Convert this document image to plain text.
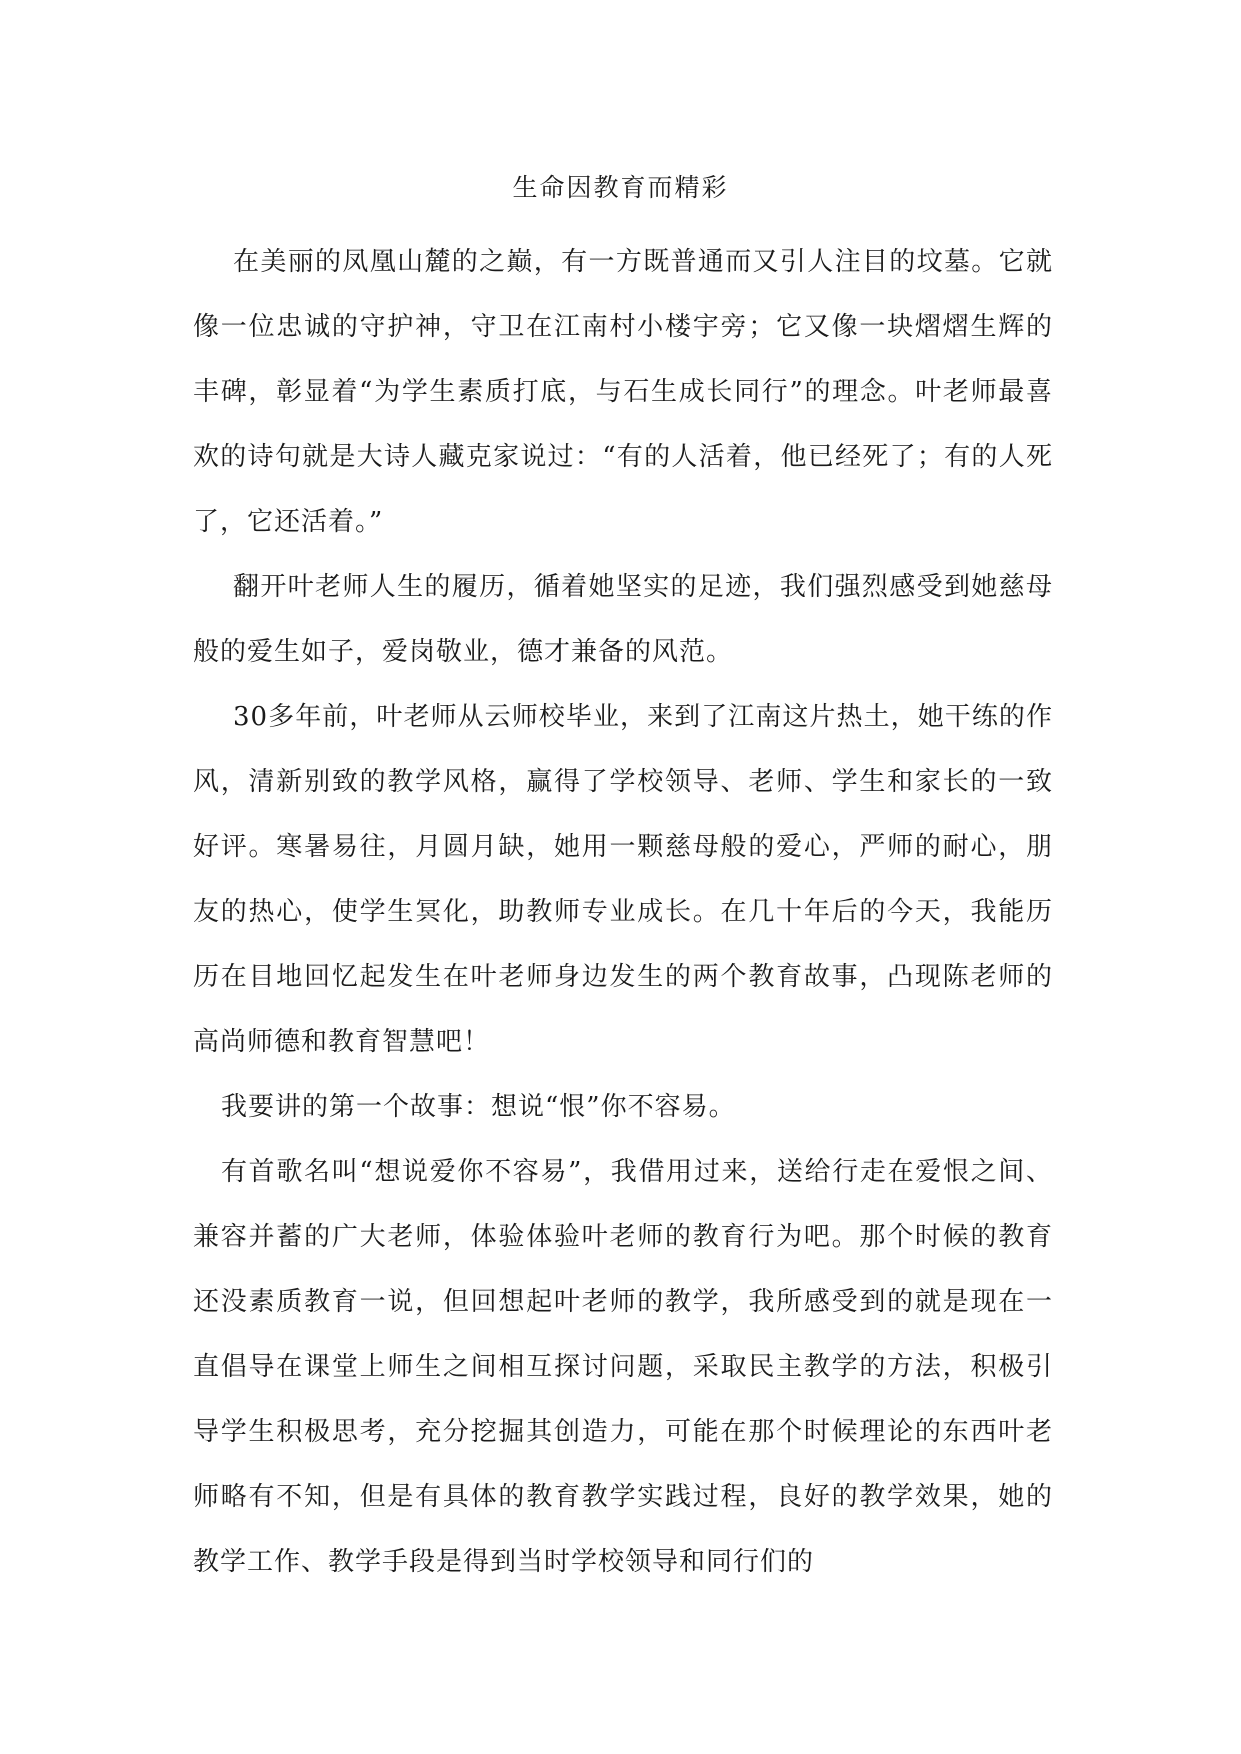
生命因教育而精彩

在美丽的凤凰山麓的之巅，有一方既普通而又引人注目的坟墓。它就像一位忠诚的守护神，守卫在江南村小楼宇旁；它又像一块熠熠生辉的丰碑，彰显着“为学生素质打底，与石生成长同行”的理念。叶老师最喜欢的诗句就是大诗人藏克家说过：“有的人活着，他已经死了；有的人死了，它还活着。”

翻开叶老师人生的履历，循着她坚实的足迹，我们强烈感受到她慈母般的爱生如子，爱岗敬业，德才兼备的风范。

30多年前，叶老师从云师校毕业，来到了江南这片热土，她干练的作风，清新别致的教学风格，赢得了学校领导、老师、学生和家长的一致好评。寒暑易往，月圆月缺，她用一颗慈母般的爱心，严师的耐心，朋友的热心，使学生冥化，助教师专业成长。在几十年后的今天，我能历历在目地回忆起发生在叶老师身边发生的两个教育故事，凸现陈老师的高尚师德和教育智慧吧！

我要讲的第一个故事：想说“恨”你不容易。

有首歌名叫“想说爱你不容易”，我借用过来，送给行走在爱恨之间、兼容并蓄的广大老师，体验体验叶老师的教育行为吧。那个时候的教育还没素质教育一说，但回想起叶老师的教学，我所感受到的就是现在一直倡导在课堂上师生之间相互探讨问题，采取民主教学的方法，积极引导学生积极思考，充分挖掘其创造力，可能在那个时候理论的东西叶老师略有不知，但是有具体的教育教学实践过程，良好的教学效果，她的教学工作、教学手段是得到当时学校领导和同行们的
